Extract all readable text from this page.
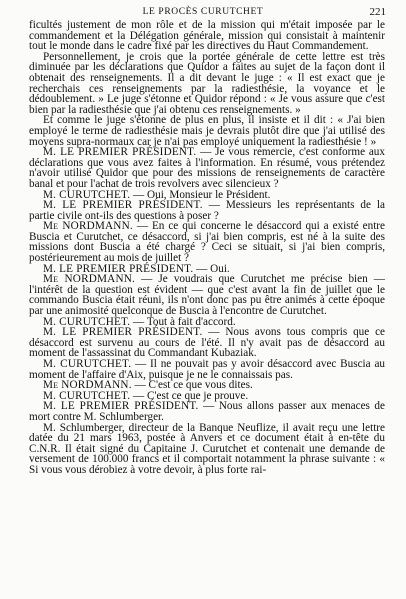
LE PROCÈS CURUTCHET	221

ficultés justement de mon rôle et de la mission qui m'était imposée par le commandement et la Délégation générale, mission qui consistait à maintenir tout le monde dans le cadre fixé par les directives du Haut Commandement.

Personnellement, je crois que la portée générale de cette lettre est très diminuée par les déclarations que Quidor a faites au sujet de la façon dont il obtenait des renseignements. Il a dit devant le juge : « Il est exact que je recherchais ces renseignements par la radiesthésie, la voyance et le dédoublement. » Le juge s'étonne et Quidor répond : « Je vous assure que c'est bien par la radiesthésie que j'ai obtenu ces renseignements. »

Et comme le juge s'étonne de plus en plus, il insiste et il dit : « J'ai bien employé le terme de radiesthésie mais je devrais plutôt dire que j'ai utilisé des moyens supra-normaux car je n'ai pas employé uniquement la radiesthésie ! »

M. LE PREMIER PRÉSIDENT. — Je vous remercie, c'est conforme aux déclarations que vous avez faites à l'information. En résumé, vous prétendez n'avoir utilisé Quidor que pour des missions de renseignements de caractère banal et pour l'achat de trois revolvers avec silencieux ?

M. CURUTCHET. — Oui, Monsieur le Président.

M. LE PREMIER PRÉSIDENT. — Messieurs les représentants de la partie civile ont-ils des questions à poser ?

Me NORDMANN. — En ce qui concerne le désaccord qui a existé entre Buscia et Curutchet, ce désaccord, si j'ai bien compris, est né à la suite des missions dont Buscia a été chargé ? Ceci se situait, si j'ai bien compris, postérieurement au mois de juillet ?

M. LE PREMIER PRÉSIDENT. — Oui.

Me NORDMANN. — Je voudrais que Curutchet me précise bien — l'intérêt de la question est évident — que c'est avant la fin de juillet que le commando Buscia était réuni, ils n'ont donc pas pu être animés à cette époque par une animosité quelconque de Buscia à l'encontre de Curutchet.

M. CURUTCHET. — Tout à fait d'accord.

M. LE PREMIER PRÉSIDENT. — Nous avons tous compris que ce désaccord est survenu au cours de l'été. Il n'y avait pas de désaccord au moment de l'assassinat du Commandant Kubaziak.

M. CURUTCHET. — Il ne pouvait pas y avoir désaccord avec Buscia au moment de l'affaire d'Aix, puisque je ne le connaissais pas.

Me NORDMANN. — C'est ce que vous dites.

M. CURUTCHET. — C'est ce que je prouve.

M. LE PREMIER PRÉSIDENT. — Nous allons passer aux menaces de mort contre M. Schlumberger.

M. Schlumberger, directeur de la Banque Neuflize, il avait reçu une lettre datée du 21 mars 1963, postée à Anvers et ce document était à en-tête du C.N.R. Il était signé du Capitaine J. Curutchet et contenait une demande de versement de 100.000 francs et il comportait notamment la phrase suivante : « Si vous vous dérobiez à votre devoir, à plus forte rai-
